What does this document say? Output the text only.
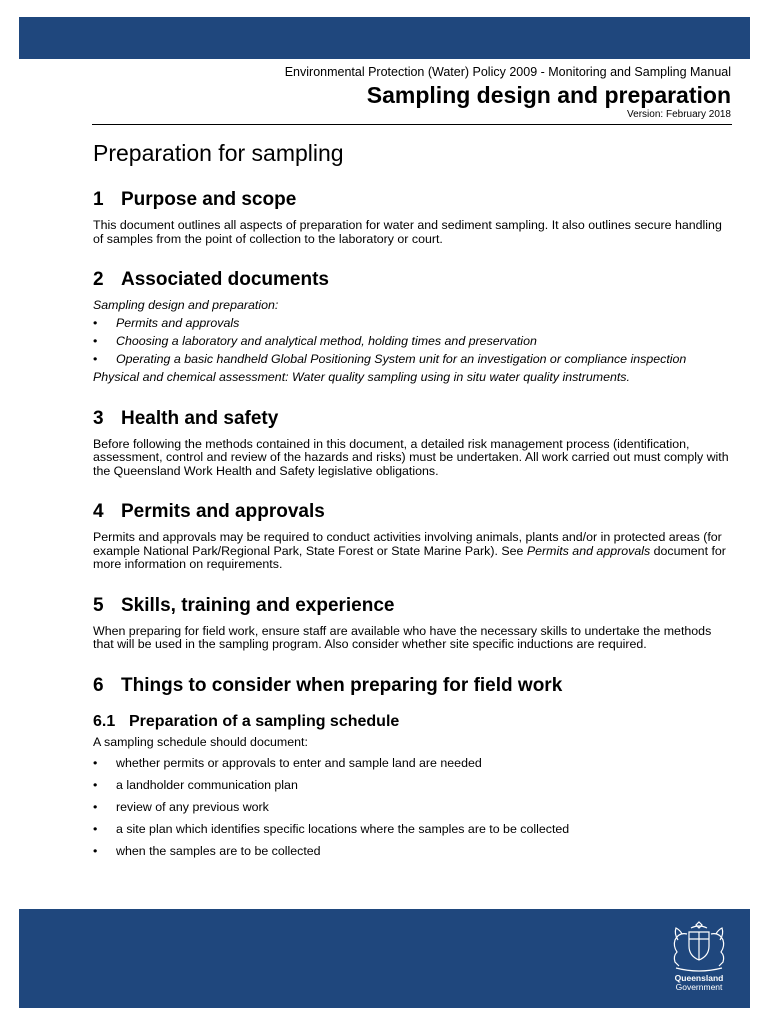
Environmental Protection (Water) Policy 2009 - Monitoring and Sampling Manual
Sampling design and preparation
Version: February 2018
Preparation for sampling
1 Purpose and scope

This document outlines all aspects of preparation for water and sediment sampling. It also outlines secure handling of samples from the point of collection to the laboratory or court.

2 Associated documents

Sampling design and preparation:

• Permits and approvals
• Choosing a laboratory and analytical method, holding times and preservation
• Operating a basic handheld Global Positioning System unit for an investigation or compliance inspection

Physical and chemical assessment: Water quality sampling using in situ water quality instruments.

3 Health and safety

Before following the methods contained in this document, a detailed risk management process (identification, assessment, control and review of the hazards and risks) must be undertaken. All work carried out must comply with the Queensland Work Health and Safety legislative obligations.

4 Permits and approvals

Permits and approvals may be required to conduct activities involving animals, plants and/or in protected areas (for example National Park/Regional Park, State Forest or State Marine Park). See Permits and approvals document for more information on requirements.

5 Skills, training and experience

When preparing for field work, ensure staff are available who have the necessary skills to undertake the methods that will be used in the sampling program. Also consider whether site specific inductions are required.

6 Things to consider when preparing for field work
6.1 Preparation of a sampling schedule

A sampling schedule should document:

• whether permits or approvals to enter and sample land are needed
• a landholder communication plan
• review of any previous work
• a site plan which identifies specific locations where the samples are to be collected
• when the samples are to be collected
Queensland
Government
